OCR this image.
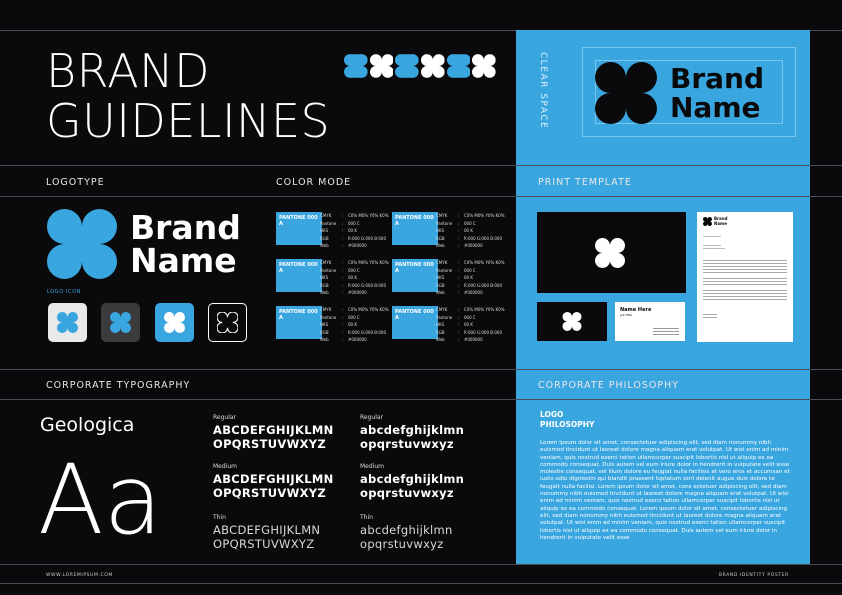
BRAND
GUIDELINES	CLEAR SPACE	Brand
Name
LOGOTYPE	COLOR MODE	PRINT TEMPLATE
Brand
Name
LOGO ICON
PANTONE 000 A
CMYK	:	C0% M0% Y0% K0%
Pantone	:	000 C
HKS	:	00 K
RGB	:	R:000 G:000 B:000
Web	:	#000000
PANTONE 000 A
CMYK	:	C0% M0% Y0% K0%
Pantone	:	000 C
HKS	:	00 K
RGB	:	R:000 G:000 B:000
Web	:	#000000
PANTONE 000 A
CMYK	:	C0% M0% Y0% K0%
Pantone	:	000 C
HKS	:	00 K
RGB	:	R:000 G:000 B:000
Web	:	#000000
PANTONE 000 A
CMYK	:	C0% M0% Y0% K0%
Pantone	:	000 C
HKS	:	00 K
RGB	:	R:000 G:000 B:000
Web	:	#000000
PANTONE 000 A
CMYK	:	C0% M0% Y0% K0%
Pantone	:	000 C
HKS	:	00 K
RGB	:	R:000 G:000 B:000
Web	:	#000000
PANTONE 000 A
CMYK	:	C0% M0% Y0% K0%
Pantone	:	000 C
HKS	:	00 K
RGB	:	R:000 G:000 B:000
Web	:	#000000
Name Here
Job Title
Brand
Name
CORPORATE TYPOGRAPHY	CORPORATE PHILOSOPHY
Geologica
Aa
Regular
ABCDEFGHIJKLMN
OPQRSTUVWXYZ
Regular
abcdefghijklmn
opqrstuvwxyz
Medium
ABCDEFGHIJKLMN
OPQRSTUVWXYZ
Medium
abcdefghijklmn
opqrstuvwxyz
Thin
ABCDEFGHIJKLMN
OPQRSTUVWXYZ
Thin
abcdefghijklmn
opqrstuvwxyz
LOGO
PHILOSOPHY
Lorem ipsum dolor sit amet, consectetuer adipiscing elit, sed diam nonummy nibh euismod tincidunt ut laoreet dolore magna aliquam erat volutpat. Ut wisi enim ad minim veniam, quis nostrud exerci tation ullamcorper suscipit lobortis nisl ut aliquip ex ea commodo consequat. Duis autem vel eum iriure dolor in hendrerit in vulputate velit esse molestie consequat, vel illum dolore eu feugiat nulla facilisis at vero eros et accumsan et iusto odio dignissim qui blandit praesent luptatum zzril delenit augue duis dolore te feugait nulla facilisi. Lorem ipsum dolor sit amet, cons ectetuer adipiscing elit, sed diam nonummy nibh euismod tincidunt ut laoreet dolore magna aliquam erat volutpat. Ut wisi enim ad minim veniam, quis nostrud exerci tation ullamcorper suscipit lobortis nisl ut aliquip ex ea commodo consequat. Lorem ipsum dolor sit amet, consectetuer adipiscing elit, sed diam nonummy nibh euismod tincidunt ut laoreet dolore magna aliquam erat volutpat. Ut wisi enim ad minim veniam, quis nostrud exerci tation ullamcorper suscipit lobortis nisl ut aliquip ex ea commodo consequat. Duis autem vel eum iriure dolor in hendrerit in vulputate velit esse
WWW.LOREMIPSUM.COM	BRAND IDENTITY POSTER
